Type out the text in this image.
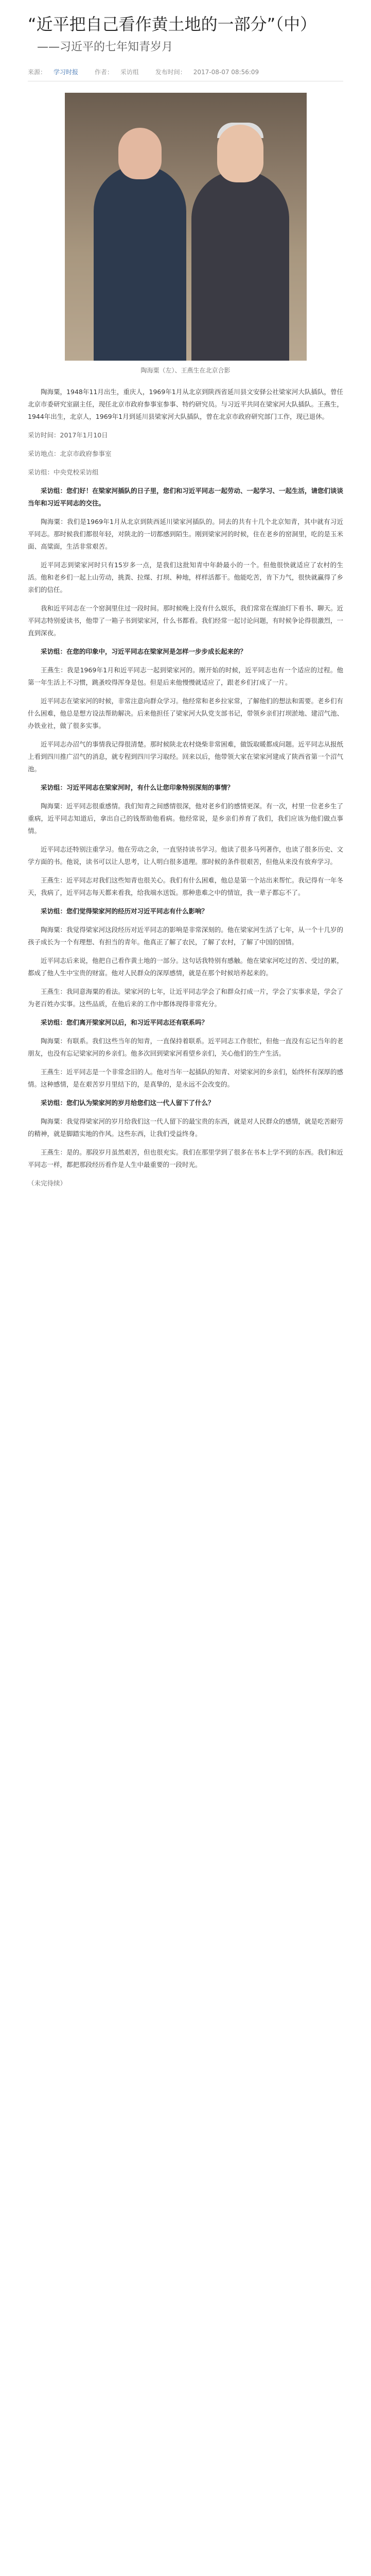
“近平把自己看作黄土地的一部分”（中）
——习近平的七年知青岁月
来源： 学习时报	作者： 采访组	发布时间： 2017-08-07 08:56:09
陶海粟（左）、王燕生在北京合影

陶海粟，1948年11月出生，重庆人，1969年1月从北京到陕西省延川县文安驿公社梁家河大队插队，曾任北京市委研究室副主任，现任北京市政府参事室参事、特约研究员。与习近平共同在梁家河大队插队。王燕生，1944年出生，北京人，1969年1月到延川县梁家河大队插队，曾在北京市政府研究部门工作，现已退休。

采访时间：2017年1月10日

采访地点：北京市政府参事室

采访组：中央党校采访组

采访组：您们好！在梁家河插队的日子里，您们和习近平同志一起劳动、一起学习、一起生活，请您们谈谈当年和习近平同志的交往。

陶海粟：我们是1969年1月从北京到陕西延川梁家河插队的。同去的共有十几个北京知青，其中就有习近平同志。那时候我们都很年轻，对陕北的一切都感到陌生。刚到梁家河的时候，住在老乡的窑洞里，吃的是玉米面、高粱面，生活非常艰苦。

近平同志到梁家河时只有15岁多一点，是我们这批知青中年龄最小的一个。但他很快就适应了农村的生活。他和老乡们一起上山劳动，挑粪、拉煤、打坝、种地，样样活都干。他能吃苦，肯下力气，很快就赢得了乡亲们的信任。

我和近平同志在一个窑洞里住过一段时间。那时候晚上没有什么娱乐，我们常常在煤油灯下看书、聊天。近平同志特别爱读书，他带了一箱子书到梁家河，什么书都看。我们经常一起讨论问题，有时候争论得很激烈，一直到深夜。

采访组：在您的印象中，习近平同志在梁家河是怎样一步步成长起来的？

王燕生：我是1969年1月和近平同志一起到梁家河的。刚开始的时候，近平同志也有一个适应的过程。他第一年生活上不习惯，跳蚤咬得浑身是包。但是后来他慢慢就适应了，跟老乡们打成了一片。

近平同志在梁家河的时候，非常注意向群众学习。他经常和老乡拉家常，了解他们的想法和需要。老乡们有什么困难，他总是想方设法帮助解决。后来他担任了梁家河大队党支部书记，带领乡亲们打坝淤地、建沼气池、办铁业社，做了很多实事。

近平同志办沼气的事情我记得很清楚。那时候陕北农村烧柴非常困难，做饭取暖都成问题。近平同志从报纸上看到四川推广沼气的消息，就专程到四川学习取经。回来以后，他带领大家在梁家河建成了陕西省第一个沼气池。

采访组：习近平同志在梁家河时，有什么让您印象特别深刻的事情？

陶海粟：近平同志很重感情。我们知青之间感情很深，他对老乡们的感情更深。有一次，村里一位老乡生了重病，近平同志知道后，拿出自己的钱帮助他看病。他经常说，是乡亲们养育了我们，我们应该为他们做点事情。

近平同志还特别注重学习。他在劳动之余，一直坚持读书学习。他读了很多马列著作，也读了很多历史、文学方面的书。他说，读书可以让人思考，让人明白很多道理。那时候的条件很艰苦，但他从来没有放弃学习。

王燕生：近平同志对我们这些知青也很关心。我们有什么困难，他总是第一个站出来帮忙。我记得有一年冬天，我病了，近平同志每天都来看我，给我端水送饭。那种患难之中的情谊，我一辈子都忘不了。

采访组：您们觉得梁家河的经历对习近平同志有什么影响？

陶海粟：我觉得梁家河这段经历对近平同志的影响是非常深刻的。他在梁家河生活了七年，从一个十几岁的孩子成长为一个有理想、有担当的青年。他真正了解了农民，了解了农村，了解了中国的国情。

近平同志后来说，他把自己看作黄土地的一部分。这句话我特别有感触。他在梁家河吃过的苦、受过的累，都成了他人生中宝贵的财富。他对人民群众的深厚感情，就是在那个时候培养起来的。

王燕生：我同意海粟的看法。梁家河的七年，让近平同志学会了和群众打成一片，学会了实事求是，学会了为老百姓办实事。这些品质，在他后来的工作中都体现得非常充分。

采访组：您们离开梁家河以后，和习近平同志还有联系吗？

陶海粟：有联系。我们这些当年的知青，一直保持着联系。近平同志工作很忙，但他一直没有忘记当年的老朋友，也没有忘记梁家河的乡亲们。他多次回到梁家河看望乡亲们，关心他们的生产生活。

王燕生：近平同志是一个非常念旧的人。他对当年一起插队的知青、对梁家河的乡亲们，始终怀有深厚的感情。这种感情，是在艰苦岁月里结下的，是真挚的，是永远不会改变的。

采访组：您们认为梁家河的岁月给您们这一代人留下了什么？

陶海粟：我觉得梁家河的岁月给我们这一代人留下的最宝贵的东西，就是对人民群众的感情，就是吃苦耐劳的精神，就是脚踏实地的作风。这些东西，让我们受益终身。

王燕生：是的。那段岁月虽然艰苦，但也很充实。我们在那里学到了很多在书本上学不到的东西。我们和近平同志一样，都把那段经历看作是人生中最重要的一段时光。

（未完待续）
